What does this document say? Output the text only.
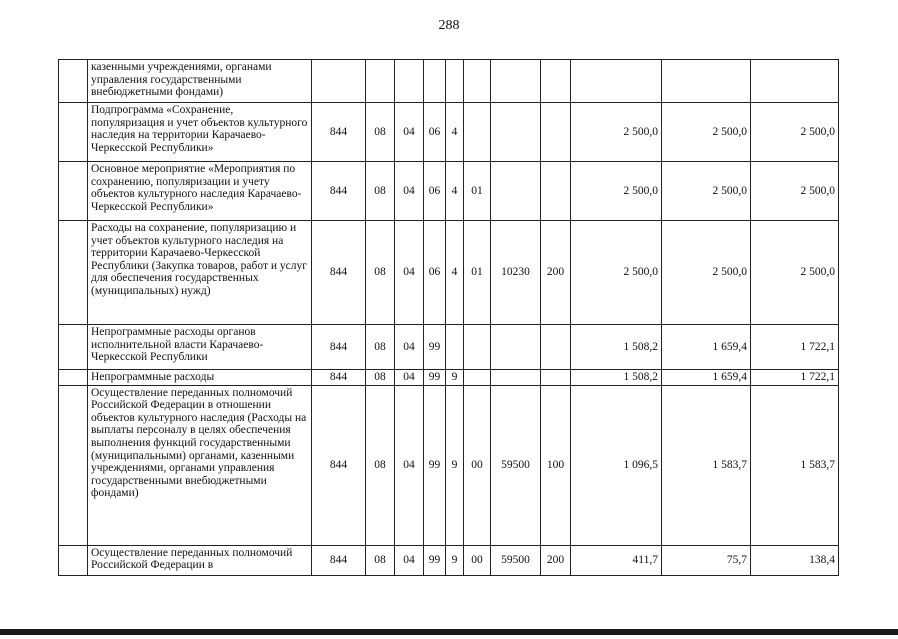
288
	казенными учреждениями, органами управления государственными внебюджетными фондами)											
	Подпрограмма «Сохранение, популяризация и учет объектов культурного наследия на территории Карачаево-Черкесской Республики»	844	08	04	06	4				2 500,0	2 500,0	2 500,0
	Основное мероприятие «Мероприятия по сохранению, популяризации и учету объектов культурного наследия Карачаево-Черкесской Республики»	844	08	04	06	4	01			2 500,0	2 500,0	2 500,0
	Расходы на сохранение, популяризацию и учет объектов культурного наследия на территории Карачаево-Черкесской Республики (Закупка товаров, работ и услуг для обеспечения государственных (муниципальных) нужд)	844	08	04	06	4	01	10230	200	2 500,0	2 500,0	2 500,0
	Непрограммные расходы органов исполнительной власти Карачаево-Черкесской Республики	844	08	04	99					1 508,2	1 659,4	1 722,1
	Непрограммные расходы	844	08	04	99	9				1 508,2	1 659,4	1 722,1
	Осуществление переданных полномочий Российской Федерации в отношении объектов культурного наследия (Расходы на выплаты персоналу в целях обеспечения выполнения функций государственными (муниципальными) органами, казенными учреждениями, органами управления государственными внебюджетными фондами)	844	08	04	99	9	00	59500	100	1 096,5	1 583,7	1 583,7
	Осуществление переданных полномочий Российской Федерации в	844	08	04	99	9	00	59500	200	411,7	75,7	138,4
